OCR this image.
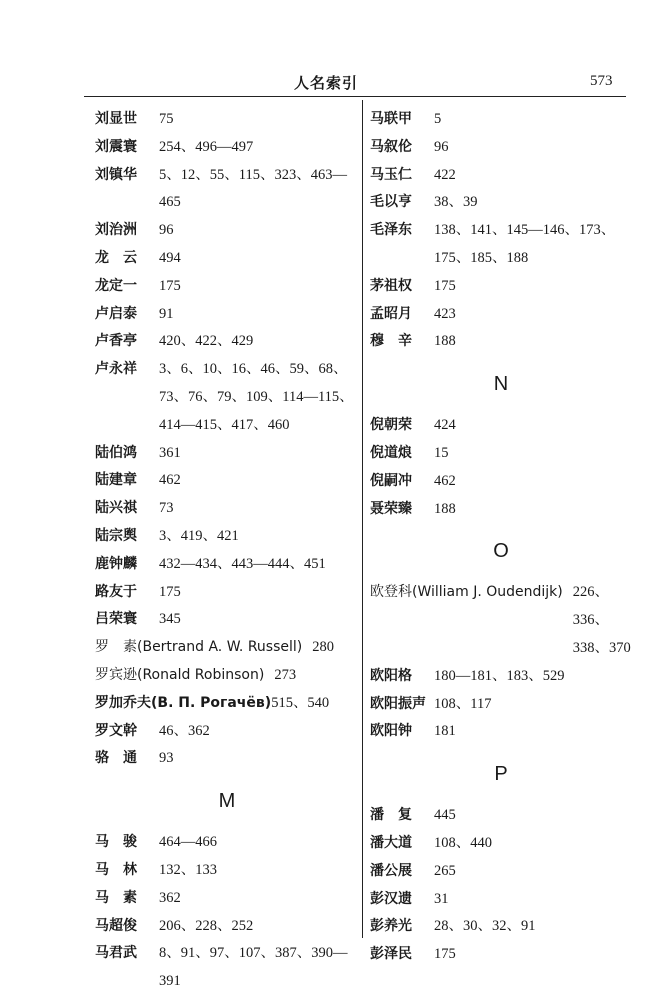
人名索引	573
刘显世	75
刘震寰	254、496—497
刘镇华	5、12、55、115、323、463—465
刘治洲	96
龙　云	494
龙定一	175
卢启泰	91
卢香亭	420、422、429
卢永祥	3、6、10、16、46、59、68、73、76、79、109、114—115、414—415、417、460
陆伯鸿	361
陆建章	462
陆兴祺	73
陆宗舆	3、419、421
鹿钟麟	432—434、443—444、451
路友于	175
吕荣寰	345
罗　素(Bertrand A. W. Russell) 280
罗宾逊(Ronald Robinson) 273
罗加乔夫(В. П. Рогачёв) 515、540
罗文幹	46、362
骆　通	93
M
马　骏	464—466
马　林	132、133
马　素	362
马超俊	206、228、252
马君武	8、91、97、107、387、390—391
马联甲	5
马叙伦	96
马玉仁	422
毛以亨	38、39
毛泽东	138、141、145—146、173、175、185、188
茅祖权	175
孟昭月	423
穆　辛	188
N
倪朝荣	424
倪道烺	15
倪嗣冲	462
聂荣臻	188
O
欧登科(William J. Oudendijk) 226、336、338、370
欧阳格	180—181、183、529
欧阳振声 108、117
欧阳钟	181
P
潘　复	445
潘大道	108、440
潘公展	265
彭汉遗	31
彭养光	28、30、32、91
彭泽民	175
